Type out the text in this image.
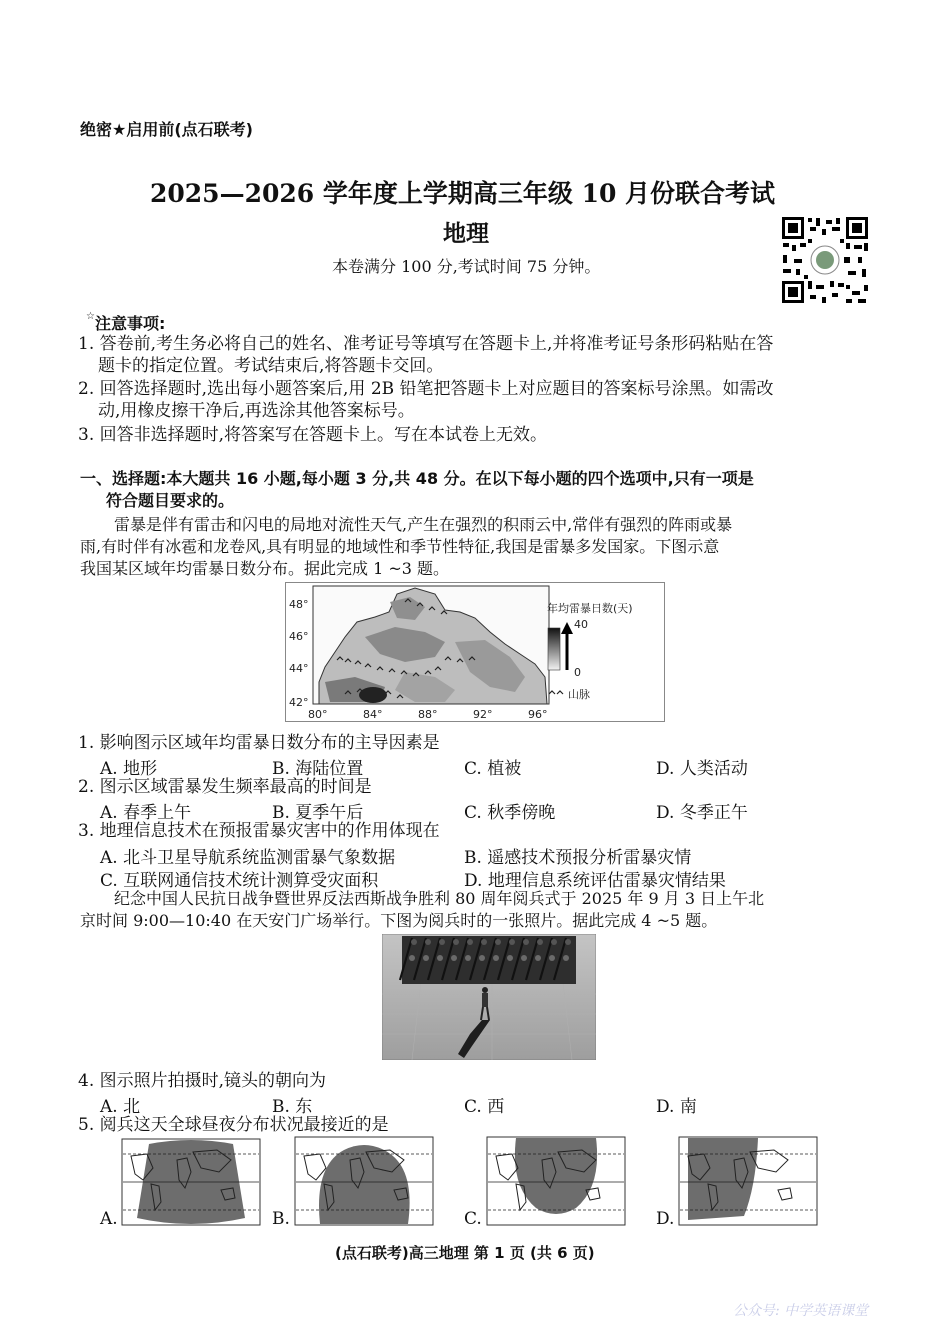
绝密★启用前(点石联考)
2025—2026 学年度上学期高三年级 10 月份联合考试
地理
本卷满分 100 分,考试时间 75 分钟。
☆注意事项:
1. 答卷前,考生务必将自己的姓名、准考证号等填写在答题卡上,并将准考证号条形码粘贴在答
题卡的指定位置。考试结束后,将答题卡交回。
2. 回答选择题时,选出每小题答案后,用 2B 铅笔把答题卡上对应题目的答案标号涂黑。如需改
动,用橡皮擦干净后,再选涂其他答案标号。
3. 回答非选择题时,将答案写在答题卡上。写在本试卷上无效。
一、选择题:本大题共 16 小题,每小题 3 分,共 48 分。在以下每小题的四个选项中,只有一项是
符合题目要求的。
雷暴是伴有雷击和闪电的局地对流性天气,产生在强烈的积雨云中,常伴有强烈的阵雨或暴
雨,有时伴有冰雹和龙卷风,具有明显的地域性和季节性特征,我国是雷暴多发国家。下图示意
我国某区域年均雷暴日数分布。据此完成 1 ~3 题。
48°
46°
44°
42°
80°	84°	88°	92°	96°
年均雷暴日数(天)
40
0
山脉
1. 影响图示区域年均雷暴日数分布的主导因素是
A. 地形	B. 海陆位置	C. 植被	D. 人类活动
2. 图示区域雷暴发生频率最高的时间是
A. 春季上午	B. 夏季午后	C. 秋季傍晚	D. 冬季正午
3. 地理信息技术在预报雷暴灾害中的作用体现在
A. 北斗卫星导航系统监测雷暴气象数据	B. 遥感技术预报分析雷暴灾情
C. 互联网通信技术统计测算受灾面积	D. 地理信息系统评估雷暴灾情结果
纪念中国人民抗日战争暨世界反法西斯战争胜利 80 周年阅兵式于 2025 年 9 月 3 日上午北
京时间 9:00—10:40 在天安门广场举行。下图为阅兵时的一张照片。据此完成 4 ~5 题。
4. 图示照片拍摄时,镜头的朝向为
A. 北	B. 东	C. 西	D. 南
5. 阅兵这天全球昼夜分布状况最接近的是
A.	B.	C.	D.
(点石联考)高三地理 第 1 页 (共 6 页)
公众号: 中学英语课堂
